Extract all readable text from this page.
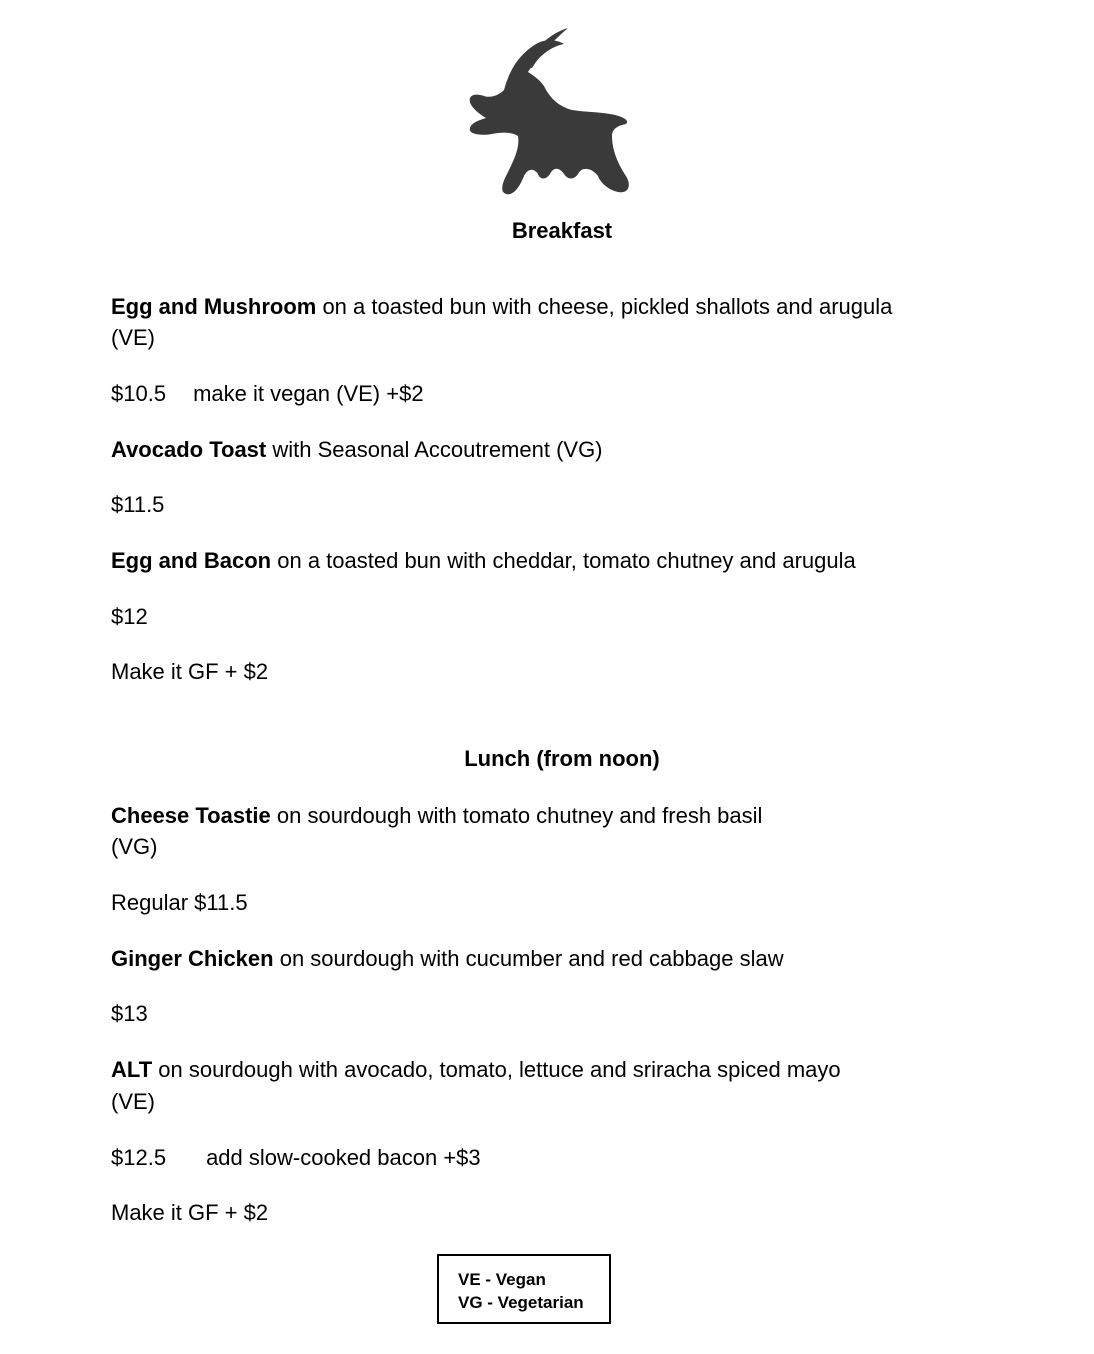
Breakfast
Egg and Mushroom on a toasted bun with cheese, pickled shallots and arugula
(VE)
$10.5 make it vegan (VE) +$2
Avocado Toast with Seasonal Accoutrement (VG)
$11.5
Egg and Bacon on a toasted bun with cheddar, tomato chutney and arugula
$12
Make it GF + $2
Lunch (from noon)
Cheese Toastie on sourdough with tomato chutney and fresh basil
(VG)
Regular $11.5
Ginger Chicken on sourdough with cucumber and red cabbage slaw
$13
ALT on sourdough with avocado, tomato, lettuce and sriracha spiced mayo
(VE)
$12.5 add slow-cooked bacon +$3
Make it GF + $2
VE - Vegan
VG - Vegetarian
